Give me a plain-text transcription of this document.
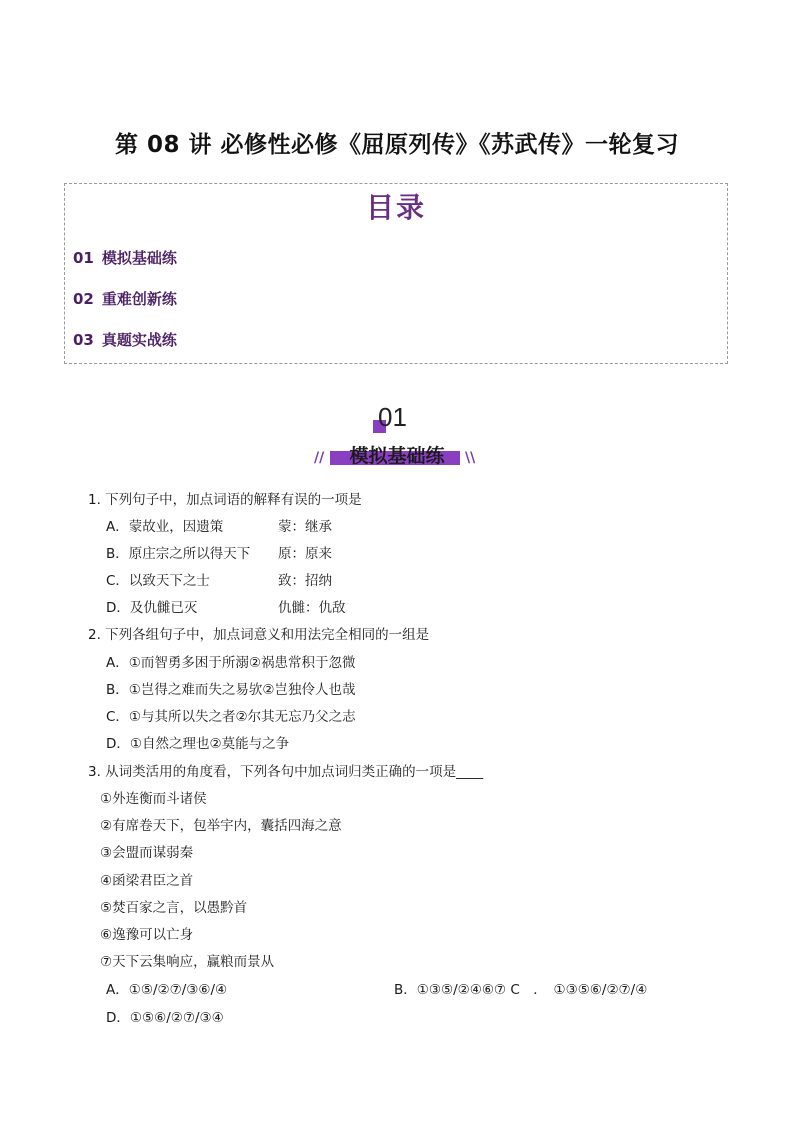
第 08 讲 必修性必修《屈原列传》《苏武传》一轮复习
目录
01 模拟基础练
02 重难创新练
03 真题实战练
01
//	模拟基础练	\\
1. 下列句子中，加点词语的解释有误的一项是
A．蒙故业，因遗策	蒙：继承
B．原庄宗之所以得天下 原：原来
C．以致天下之士	致：招纳
D．及仇雠已灭	仇雠：仇敌
2. 下列各组句子中，加点词意义和用法完全相同的一组是
A．①而智勇多困于所溺②祸患常积于忽微
B．①岂得之难而失之易欤②岂独伶人也哉
C．①与其所以失之者②尔其无忘乃父之志
D．①自然之理也②莫能与之争
3. 从词类活用的角度看，下列各句中加点词归类正确的一项是____
①外连衡而斗诸侯
②有席卷天下，包举宇内，囊括四海之意
③会盟而谋弱秦
④函梁君臣之首
⑤焚百家之言，以愚黔首
⑥逸豫可以亡身
⑦天下云集响应，赢粮而景从
A．①⑤/②⑦/③⑥/④	B．①③⑤/②④⑥⑦ C　．　①③⑤⑥/②⑦/④
D．①⑤⑥/②⑦/③④
